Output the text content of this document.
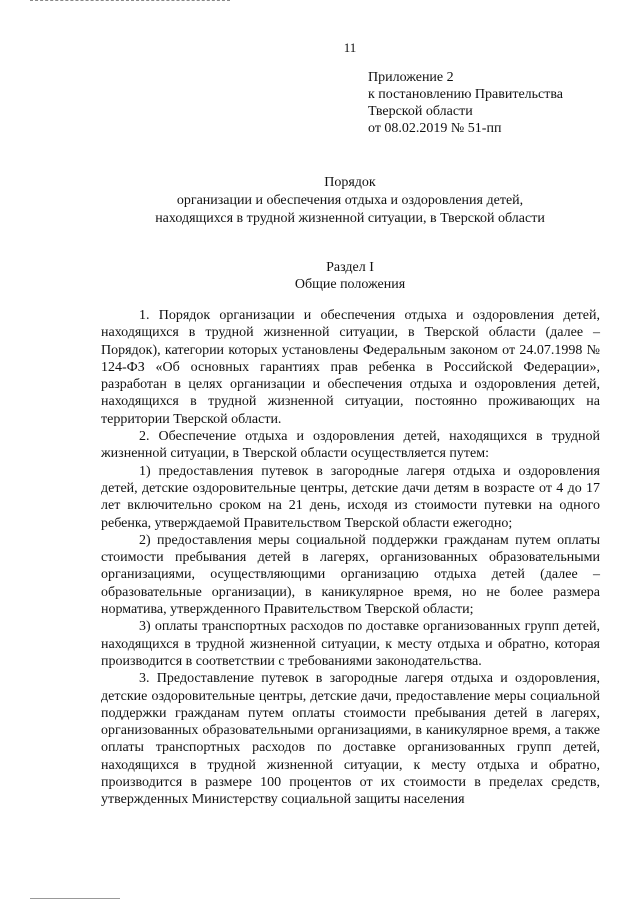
11
Приложение 2
к постановлению Правительства
Тверской области
от 08.02.2019 № 51-пп
Порядок
организации и обеспечения отдыха и оздоровления детей,
находящихся в трудной жизненной ситуации, в Тверской области
Раздел I
Общие положения

1. Порядок организации и обеспечения отдыха и оздоровления детей, находящихся в трудной жизненной ситуации, в Тверской области (далее – Порядок), категории которых установлены Федеральным законом от 24.07.1998 № 124-ФЗ «Об основных гарантиях прав ребенка в Российской Федерации», разработан в целях организации и обеспечения отдыха и оздоровления детей, находящихся в трудной жизненной ситуации, постоянно проживающих на территории Тверской области.

2. Обеспечение отдыха и оздоровления детей, находящихся в трудной жизненной ситуации, в Тверской области осуществляется путем:

1) предоставления путевок в загородные лагеря отдыха и оздоровления детей, детские оздоровительные центры, детские дачи детям в возрасте от 4 до 17 лет включительно сроком на 21 день, исходя из стоимости путевки на одного ребенка, утверждаемой Правительством Тверской области ежегодно;

2) предоставления меры социальной поддержки гражданам путем оплаты стоимости пребывания детей в лагерях, организованных образовательными организациями, осуществляющими организацию отдыха детей (далее – образовательные организации), в каникулярное время, но не более размера норматива, утвержденного Правительством Тверской области;

3) оплаты транспортных расходов по доставке организованных групп детей, находящихся в трудной жизненной ситуации, к месту отдыха и обратно, которая производится в соответствии с требованиями законодательства.

3. Предоставление путевок в загородные лагеря отдыха и оздоровления, детские оздоровительные центры, детские дачи, предоставление меры социальной поддержки гражданам путем оплаты стоимости пребывания детей в лагерях, организованных образовательными организациями, в каникулярное время, а также оплаты транспортных расходов по доставке организованных групп детей, находящихся в трудной жизненной ситуации, к месту отдыха и обратно, производится в размере 100 процентов от их стоимости в пределах средств, утвержденных Министерству социальной защиты населения
